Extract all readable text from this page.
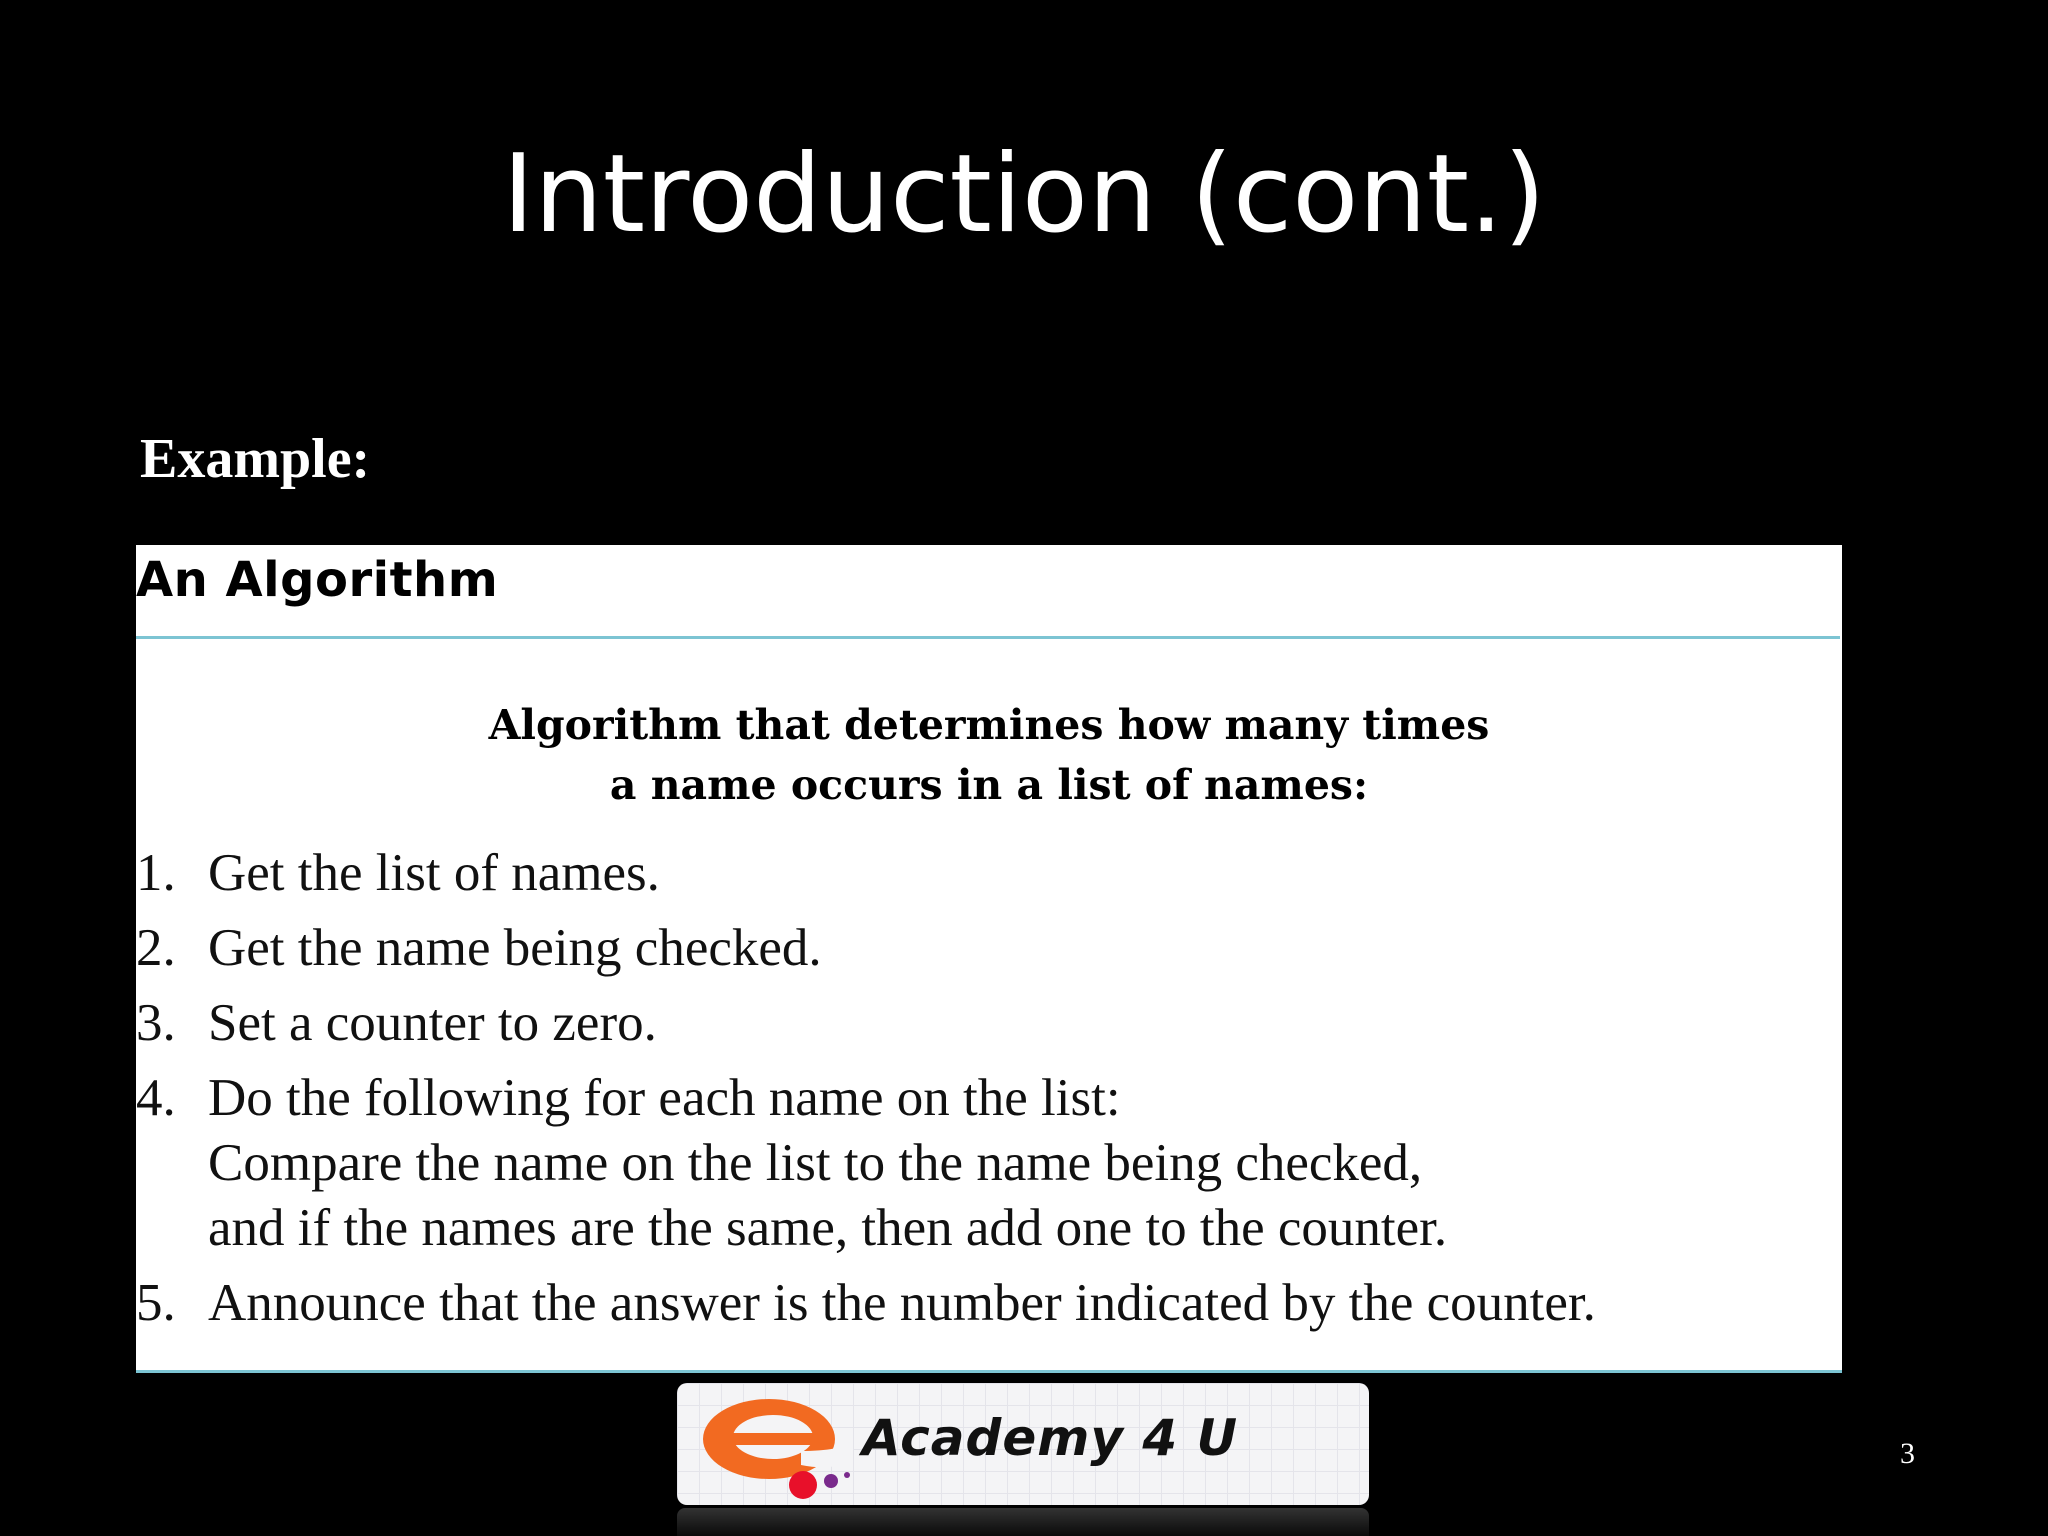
Introduction (cont.)
Example:
An Algorithm
Algorithm that determines how many times
a name occurs in a list of names:
1. Get the list of names.
2. Get the name being checked.
3. Set a counter to zero.
4. Do the following for each name on the list:
Compare the name on the list to the name being checked,
and if the names are the same, then add one to the counter.
5. Announce that the answer is the number indicated by the counter.
Academy 4 U	3
